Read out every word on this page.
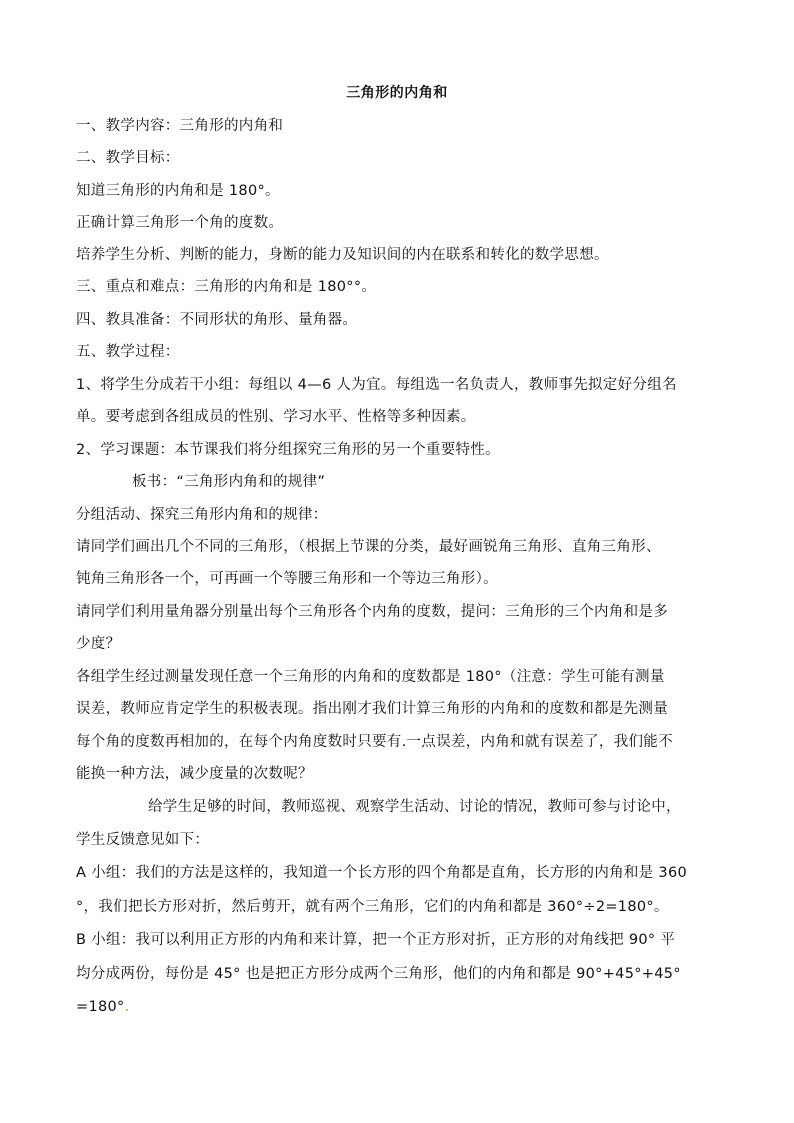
三角形的内角和
一、教学内容：三角形的内角和
二、教学目标：
知道三角形的内角和是 180°。
正确计算三角形一个角的度数。
培养学生分析、判断的能力，身断的能力及知识间的内在联系和转化的数学思想。
三、重点和难点：三角形的内角和是 180°°。
四、教具准备：不同形状的角形、量角器。
五、教学过程：
1、将学生分成若干小组：每组以 4—6 人为宜。每组选一名负责人，教师事先拟定好分组名
单。要考虑到各组成员的性别、学习水平、性格等多种因素。
2、学习课题：本节课我们将分组探究三角形的另一个重要特性。
板书：“三角形内角和的规律”
分组活动、探究三角形内角和的规律：
请同学们画出几个不同的三角形，（根据上节课的分类，最好画锐角三角形、直角三角形、
钝角三角形各一个，可再画一个等腰三角形和一个等边三角形）。
请同学们利用量角器分别量出每个三角形各个内角的度数，提问：三角形的三个内角和是多
少度？
各组学生经过测量发现任意一个三角形的内角和的度数都是 180°（注意：学生可能有测量
误差，教师应肯定学生的积极表现。指出刚才我们计算三角形的内角和的度数和都是先测量
每个角的度数再相加的，在每个内角度数时只要有.一点误差，内角和就有误差了，我们能不
能换一种方法，减少度量的次数呢？
给学生足够的时间，教师巡视、观察学生活动、讨论的情况，教师可参与讨论中，
学生反馈意见如下：
A 小组：我们的方法是这样的，我知道一个长方形的四个角都是直角，长方形的内角和是 360
°，我们把长方形对折，然后剪开，就有两个三角形，它们的内角和都是 360°÷2=180°。
B 小组：我可以利用正方形的内角和来计算，把一个正方形对折，正方形的对角线把 90° 平
均分成两份，每份是 45° 也是把正方形分成两个三角形，他们的内角和都是 90°+45°+45°
=180°.
